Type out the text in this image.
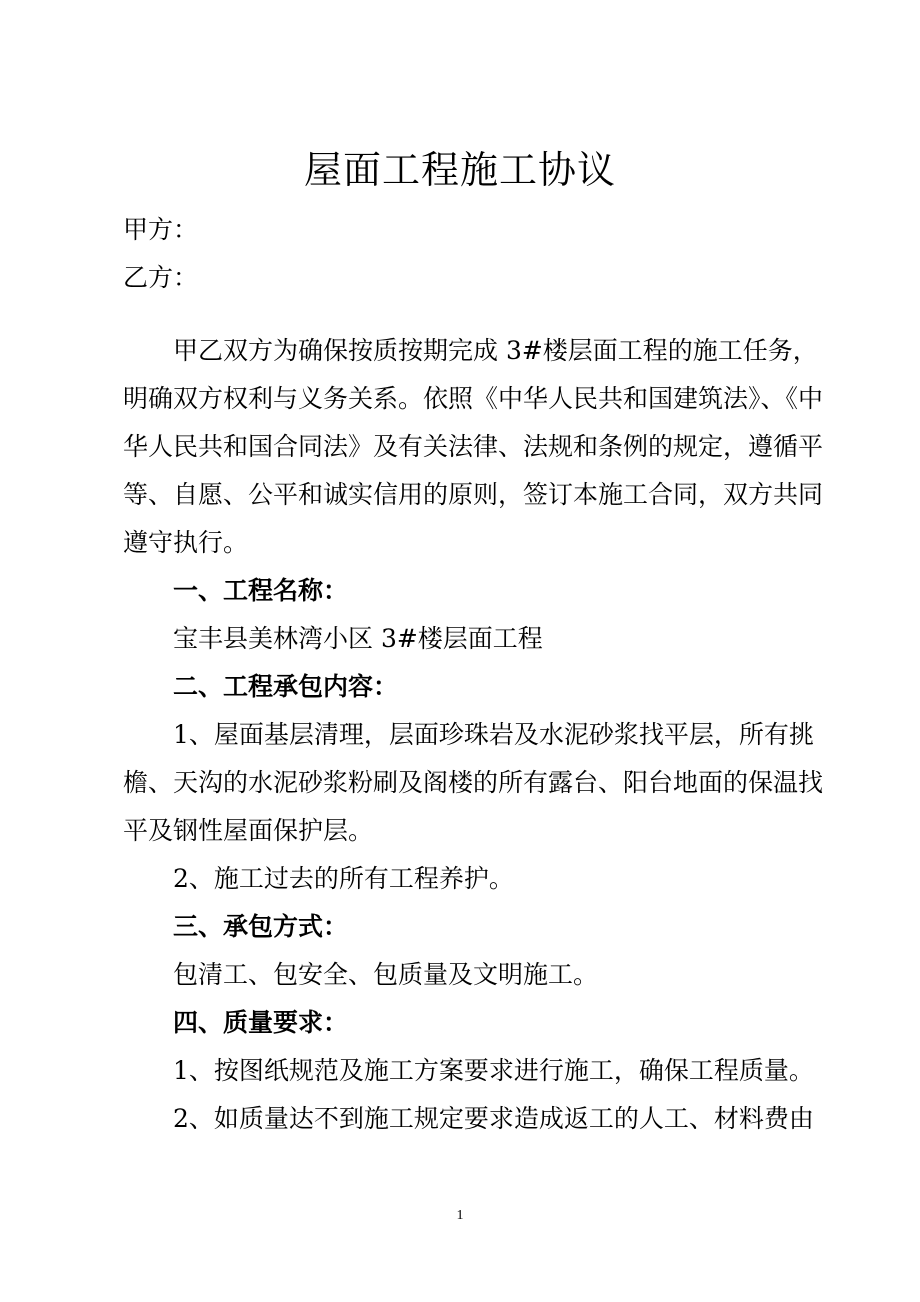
屋面工程施工协议

甲方：

乙方：

甲乙双方为确保按质按期完成 3#楼层面工程的施工任务，

明确双方权利与义务关系。依照《中华人民共和国建筑法》、《中

华人民共和国合同法》及有关法律、法规和条例的规定，遵循平

等、自愿、公平和诚实信用的原则，签订本施工合同，双方共同

遵守执行。

一、工程名称：

宝丰县美林湾小区 3#楼层面工程

二、工程承包内容：

1、屋面基层清理，层面珍珠岩及水泥砂浆找平层，所有挑

檐、天沟的水泥砂浆粉刷及阁楼的所有露台、阳台地面的保温找

平及钢性屋面保护层。

2、施工过去的所有工程养护。

三、承包方式：

包清工、包安全、包质量及文明施工。

四、质量要求：

1、按图纸规范及施工方案要求进行施工，确保工程质量。

2、如质量达不到施工规定要求造成返工的人工、材料费由

1
